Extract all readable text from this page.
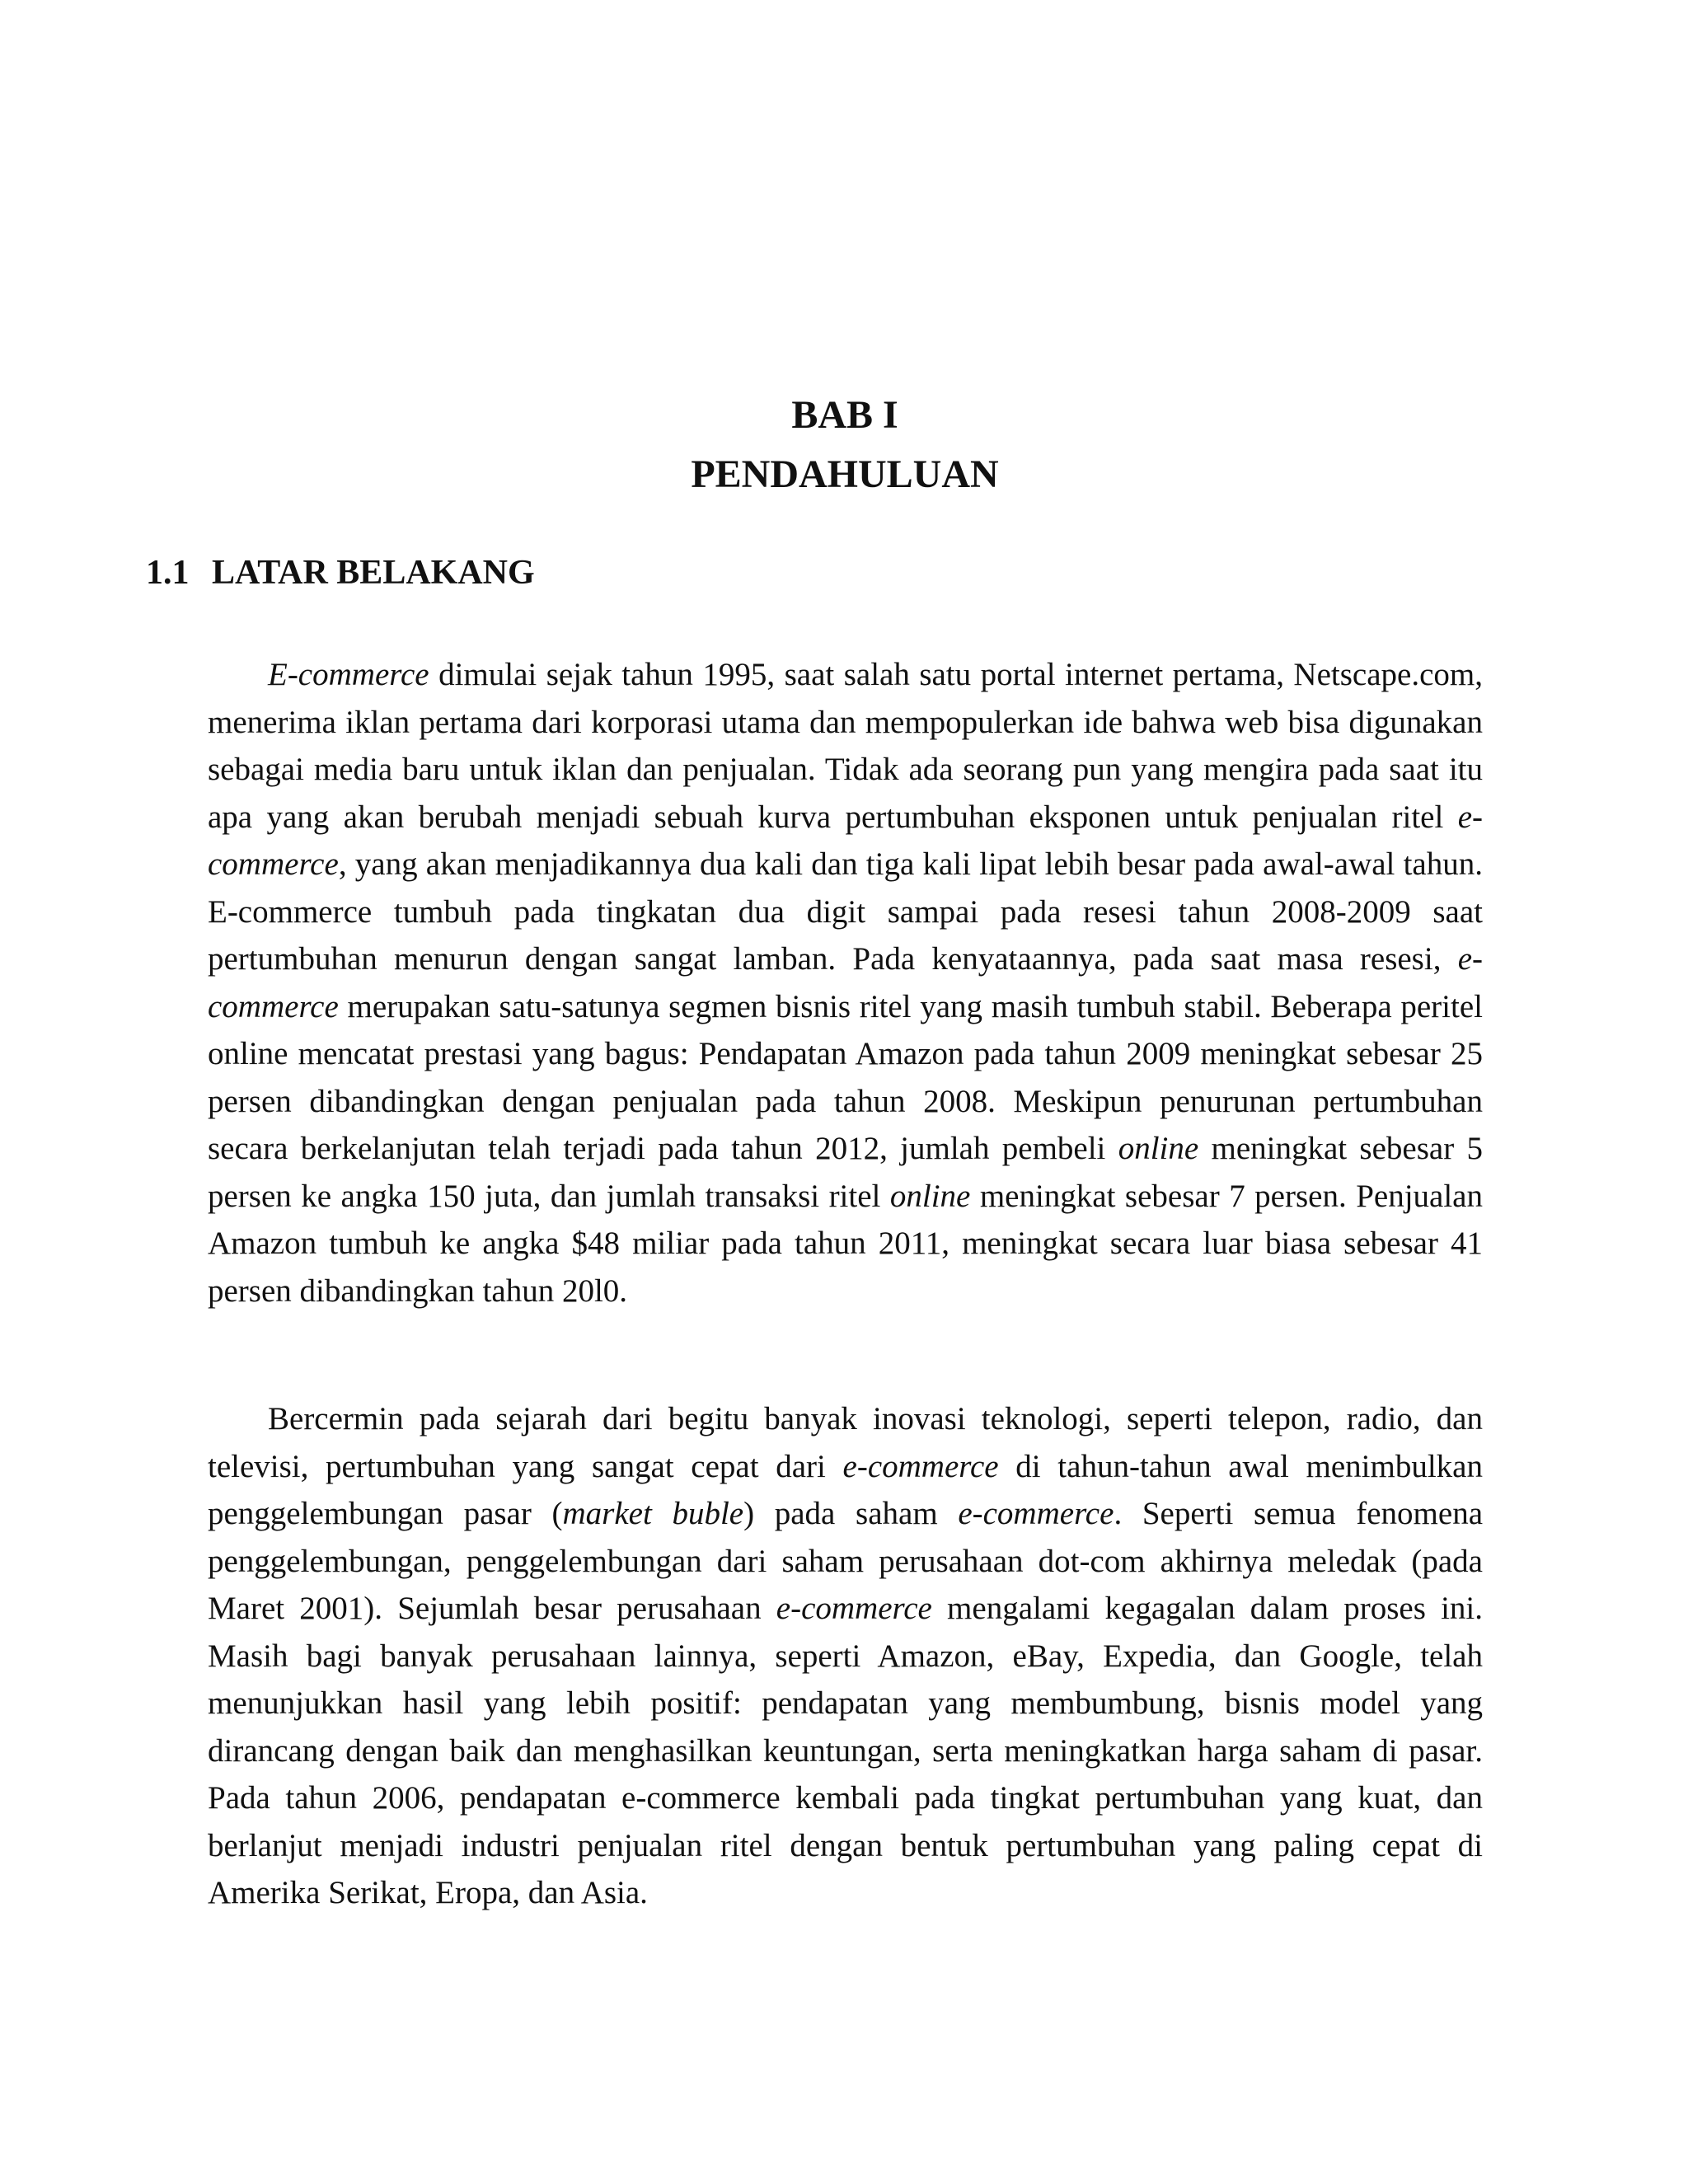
BAB I
PENDAHULUAN
1.1 LATAR BELAKANG

E-commerce dimulai sejak tahun 1995, saat salah satu portal internet pertama, Netscape.com, menerima iklan pertama dari korporasi utama dan mempopulerkan ide bahwa web bisa digunakan sebagai media baru untuk iklan dan penjualan. Tidak ada seorang pun yang mengira pada saat itu apa yang akan berubah menjadi sebuah kurva pertumbuhan eksponen untuk penjualan ritel e-commerce, yang akan menjadikannya dua kali dan tiga kali lipat lebih besar pada awal-awal tahun. E-commerce tumbuh pada tingkatan dua digit sampai pada resesi tahun 2008-2009 saat pertumbuhan menurun dengan sangat lamban. Pada kenyataannya, pada saat masa resesi, e-commerce merupakan satu-satunya segmen bisnis ritel yang masih tumbuh stabil. Beberapa peritel online mencatat prestasi yang bagus: Pendapatan Amazon pada tahun 2009 meningkat sebesar 25 persen dibandingkan dengan penjualan pada tahun 2008. Meskipun penurunan pertumbuhan secara berkelanjutan telah terjadi pada tahun 2012, jumlah pembeli online meningkat sebesar 5 persen ke angka 150 juta, dan jumlah transaksi ritel online meningkat sebesar 7 persen. Penjualan Amazon tumbuh ke angka $48 miliar pada tahun 2011, meningkat secara luar biasa sebesar 41 persen dibandingkan tahun 20l0.

Bercermin pada sejarah dari begitu banyak inovasi teknologi, seperti telepon, radio, dan televisi, pertumbuhan yang sangat cepat dari e-commerce di tahun-tahun awal menimbulkan penggelembungan pasar (market buble) pada saham e-commerce. Seperti semua fenomena penggelembungan, penggelembungan dari saham perusahaan dot-com akhirnya meledak (pada Maret 2001). Sejumlah besar perusahaan e-commerce mengalami kegagalan dalam proses ini. Masih bagi banyak perusahaan lainnya, seperti Amazon, eBay, Expedia, dan Google, telah menunjukkan hasil yang lebih positif: pendapatan yang membumbung, bisnis model yang dirancang dengan baik dan menghasilkan keuntungan, serta meningkatkan harga saham di pasar. Pada tahun 2006, pendapatan e-commerce kembali pada tingkat pertumbuhan yang kuat, dan berlanjut menjadi industri penjualan ritel dengan bentuk pertumbuhan yang paling cepat di Amerika Serikat, Eropa, dan Asia.
